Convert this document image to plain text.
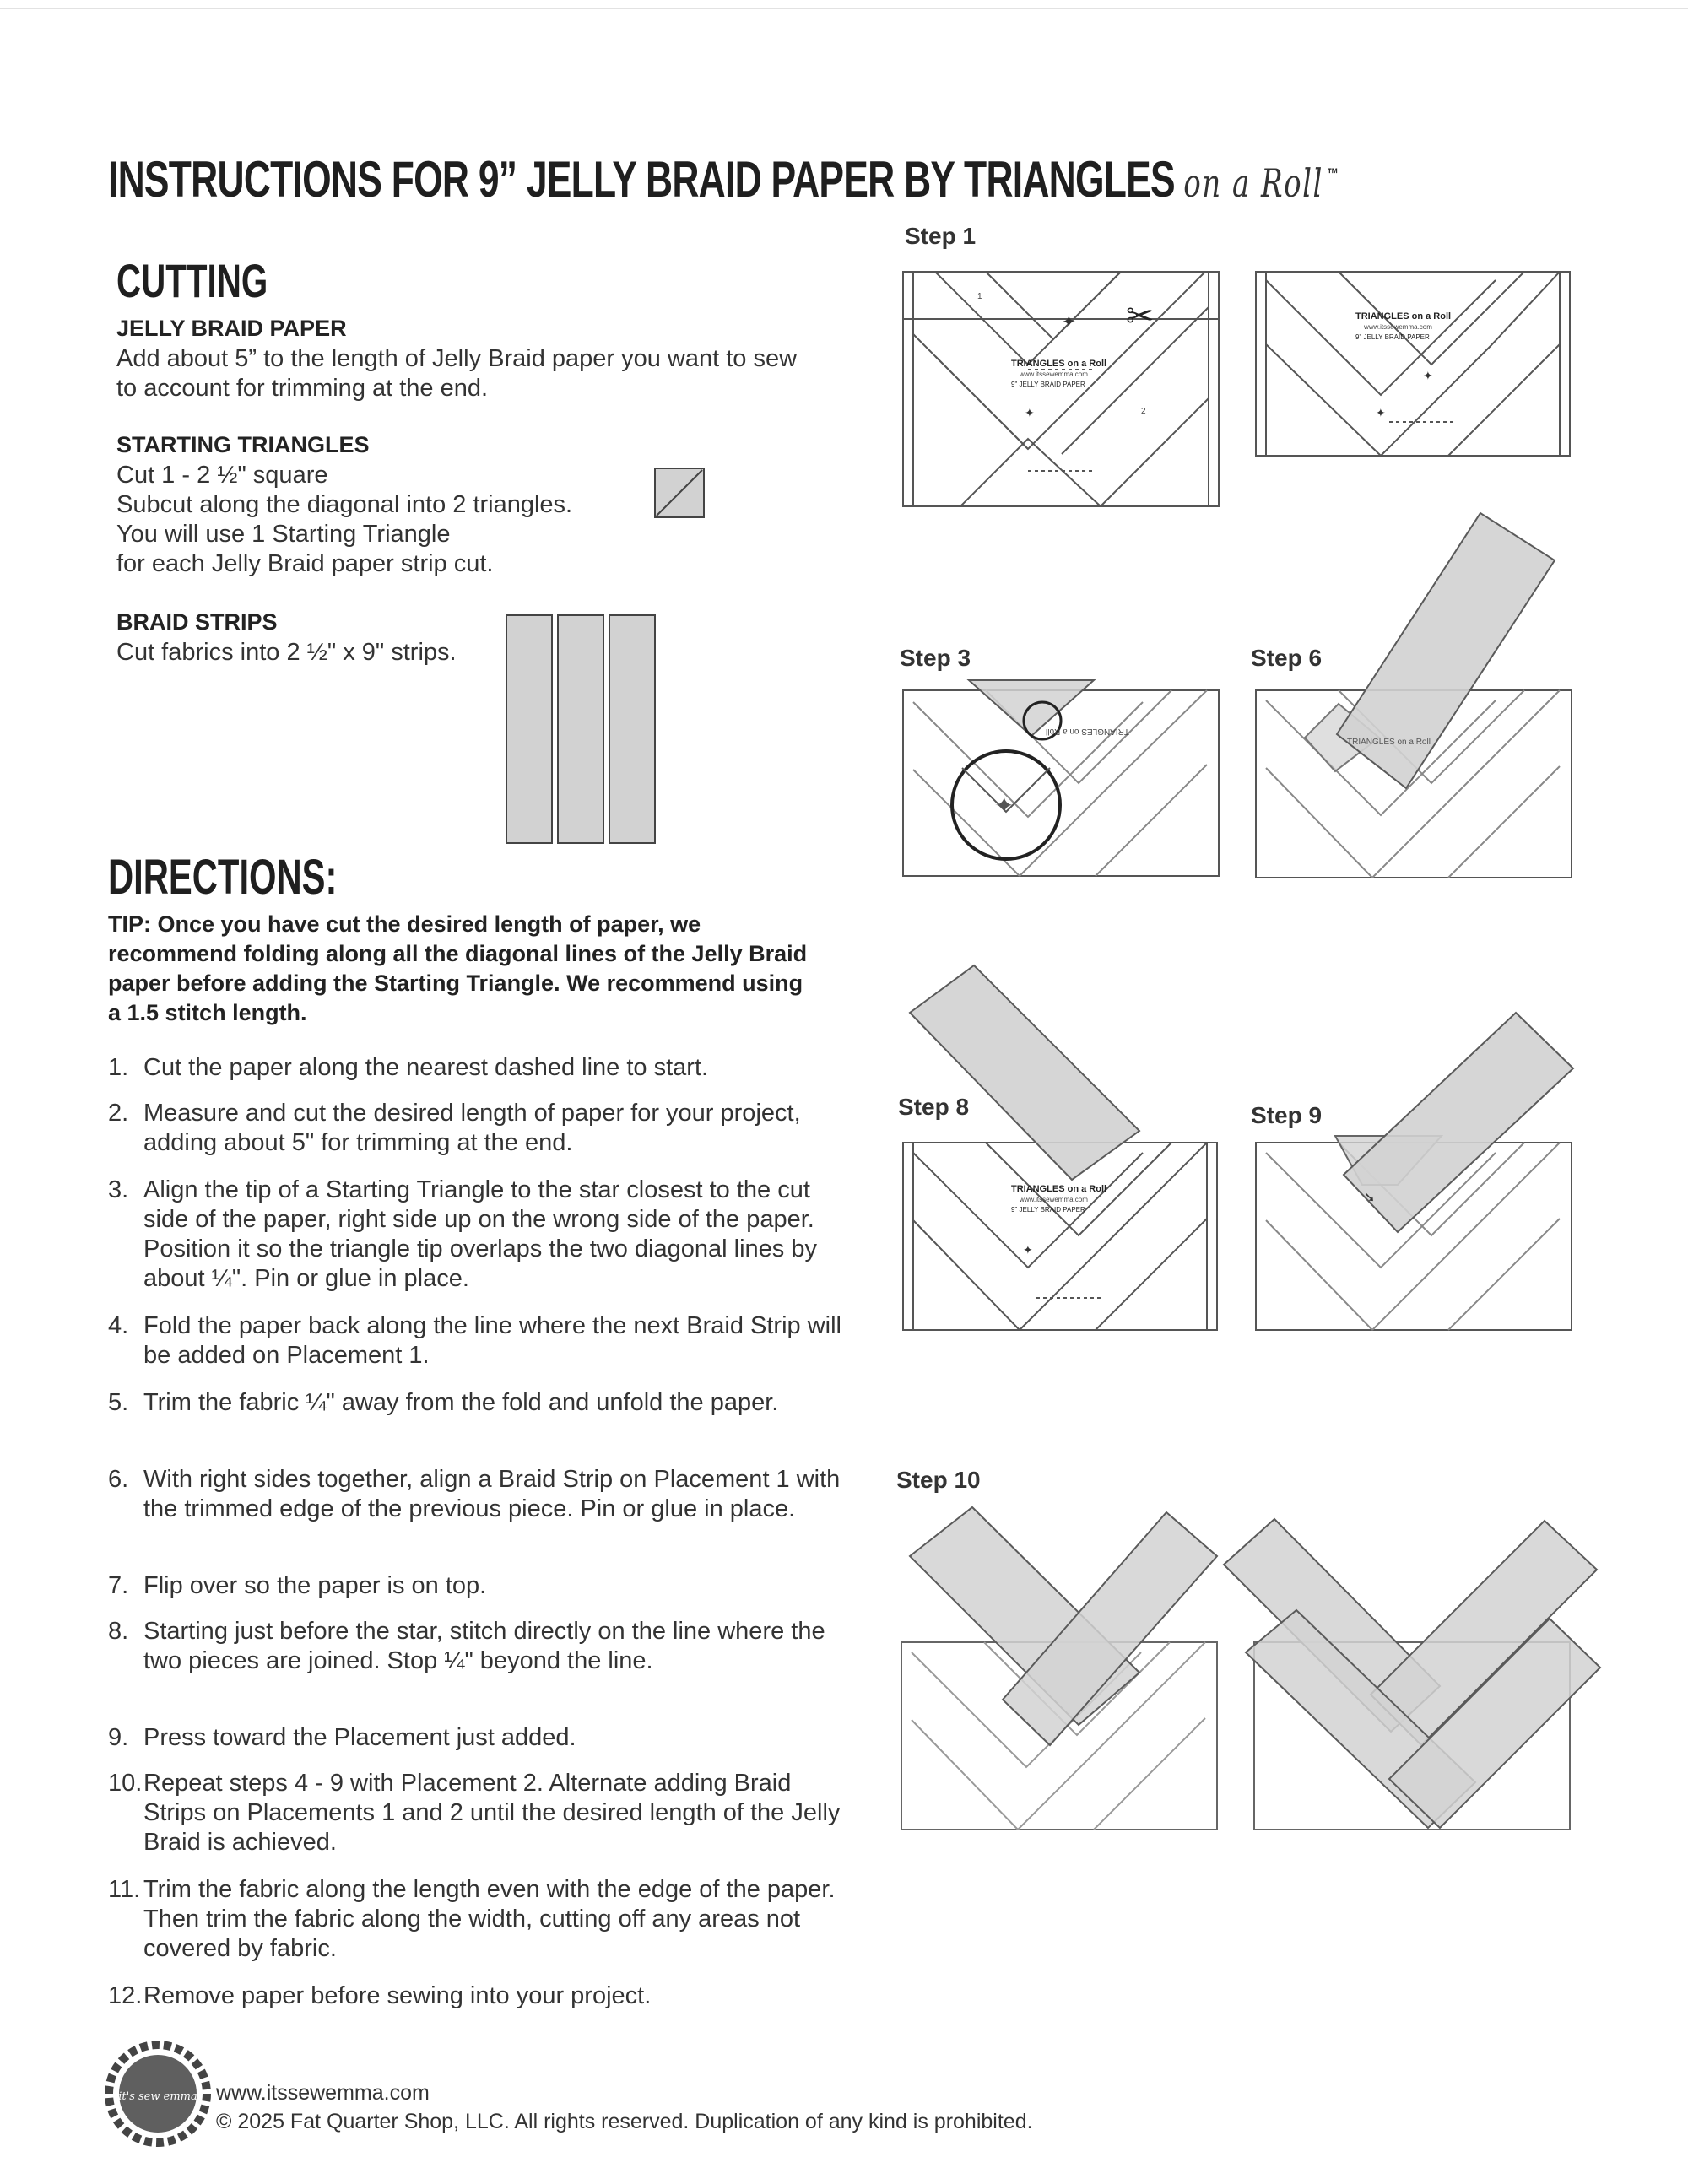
INSTRUCTIONS FOR 9” JELLY BRAID PAPER BY TRIANGLES on a Roll ™
CUTTING
JELLY BRAID PAPER
Add about 5” to the length of Jelly Braid paper you want to sew to account for trimming at the end.
STARTING TRIANGLES
Cut 1 - 2 ½" square
Subcut along the diagonal into 2 triangles.
You will use 1 Starting Triangle
for each Jelly Braid paper strip cut.
BRAID STRIPS
Cut fabrics into 2 ½" x 9" strips.
DIRECTIONS:
TIP: Once you have cut the desired length of paper, we recommend folding along all the diagonal lines of the Jelly Braid paper before adding the Starting Triangle. We recommend using a 1.5 stitch length.
1. Cut the paper along the nearest dashed line to start.
2. Measure and cut the desired length of paper for your project, adding about 5" for trimming at the end.
3. Align the tip of a Starting Triangle to the star closest to the cut side of the paper, right side up on the wrong side of the paper. Position it so the triangle tip overlaps the two diagonal lines by about ¼". Pin or glue in place.
4. Fold the paper back along the line where the next Braid Strip will be added on Placement 1.
5. Trim the fabric ¼" away from the fold and unfold the paper.
6. With right sides together, align a Braid Strip on Placement 1 with the trimmed edge of the previous piece. Pin or glue in place.
7. Flip over so the paper is on top.
8. Starting just before the star, stitch directly on the line where the two pieces are joined. Stop ¼" beyond the line.
9. Press toward the Placement just added.
10. Repeat steps 4 - 9 with Placement 2. Alternate adding Braid Strips on Placements 1 and 2 until the desired length of the Jelly Braid is achieved.
11. Trim the fabric along the length even with the edge of the paper. Then trim the fabric along the width, cutting off any areas not covered by fabric.
12. Remove paper before sewing into your project.
Step 1
Step 3	Step 6
Step 8	Step 9
Step 10
TRIANGLES on a Roll
www.itssewemma.com
9" JELLY BRAID PAPER
1
2
✦
✦
✂	TRIANGLES on a Roll
www.itssewemma.com
9" JELLY BRAID PAPER
✦
✦
✦
TRIANGLES on a Roll
TRIANGLES on a Roll
TRIANGLES on a Roll
www.itssewemma.com
9" JELLY BRAID PAPER
✦
➘
it's sew emma www.itssewemma.com
© 2025 Fat Quarter Shop, LLC. All rights reserved. Duplication of any kind is prohibited.
